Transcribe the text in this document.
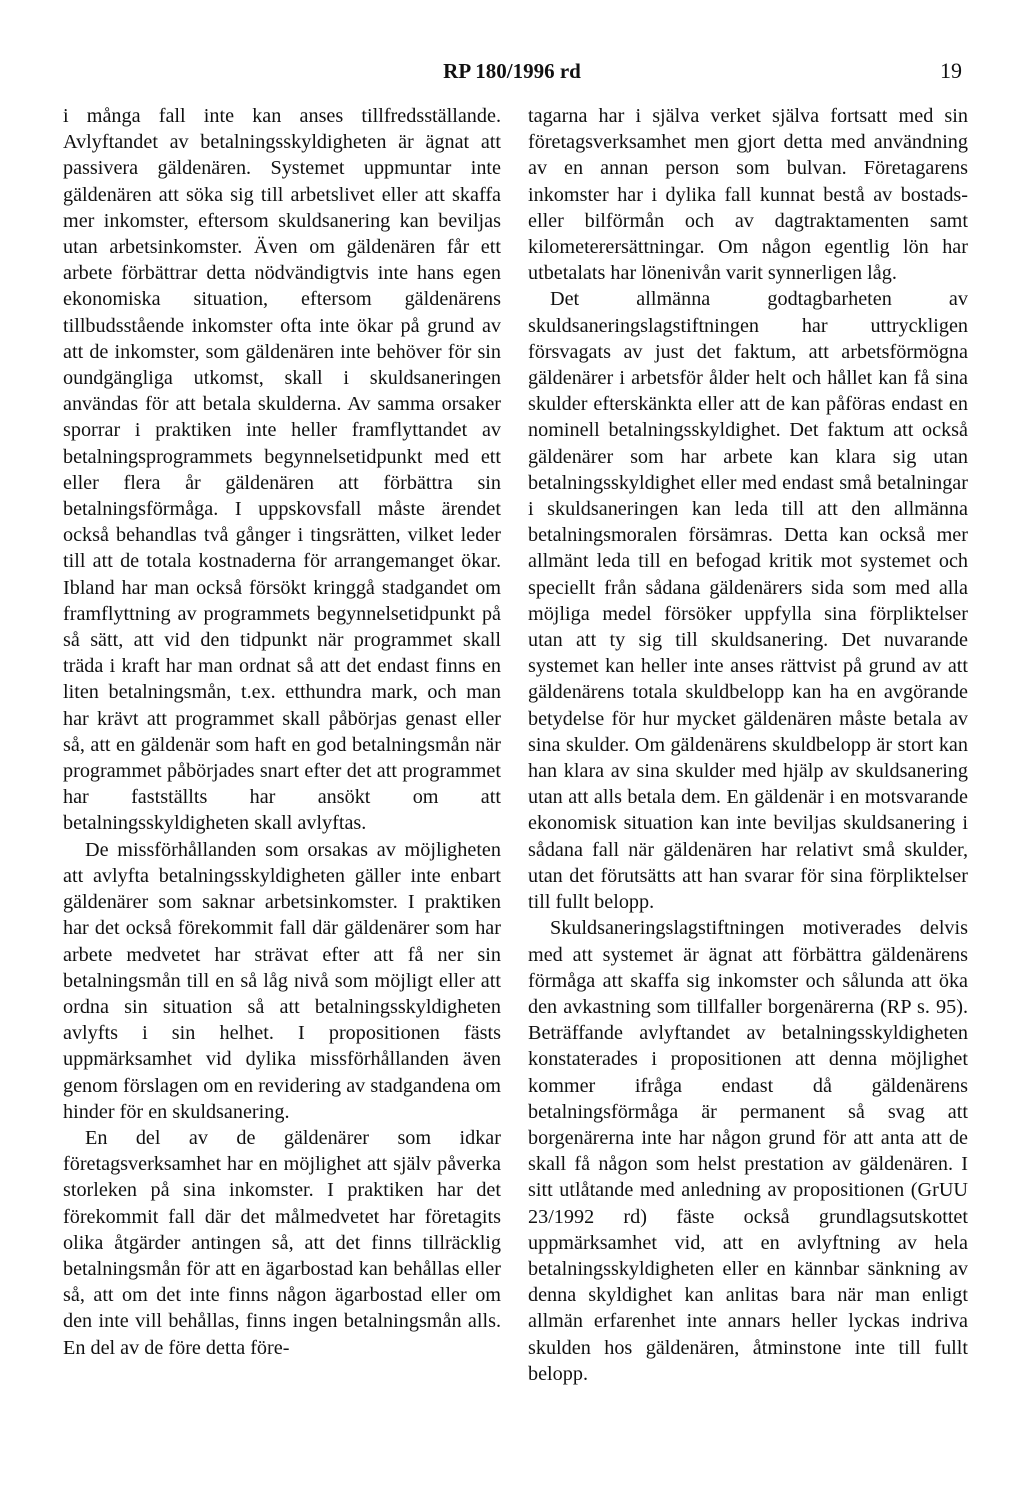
RP 180/1996 rd	19

i många fall inte kan anses tillfredsställande. Avlyftandet av betalningsskyldigheten är ägnat att passivera gäldenären. Systemet uppmuntar inte gäldenären att söka sig till arbetslivet eller att skaffa mer inkomster, eftersom skuldsanering kan beviljas utan arbetsinkomster. Även om gäldenären får ett arbete förbättrar detta nödvändigtvis inte hans egen ekonomiska situation, eftersom gäldenärens tillbudsstående inkomster ofta inte ökar på grund av att de inkomster, som gäldenären inte behöver för sin oundgängliga utkomst, skall i skuldsaneringen användas för att betala skulderna. Av samma orsaker sporrar i praktiken inte heller framflyttandet av betalningsprogrammets begynnelsetidpunkt med ett eller flera år gäldenären att förbättra sin betalningsförmåga. I uppskovsfall måste ärendet också behandlas två gånger i tingsrätten, vilket leder till att de totala kostnaderna för arrangemanget ökar. Ibland har man också försökt kringgå stadgandet om framflyttning av programmets begynnelsetidpunkt på så sätt, att vid den tidpunkt när programmet skall träda i kraft har man ordnat så att det endast finns en liten betalningsmån, t.ex. etthundra mark, och man har krävt att programmet skall påbörjas genast eller så, att en gäldenär som haft en god betalningsmån när programmet påbörjades snart efter det att programmet har fastställts har ansökt om att betalningsskyldigheten skall avlyftas.

De missförhållanden som orsakas av möjligheten att avlyfta betalningsskyldigheten gäller inte enbart gäldenärer som saknar arbetsinkomster. I praktiken har det också förekommit fall där gäldenärer som har arbete medvetet har strävat efter att få ner sin betalningsmån till en så låg nivå som möjligt eller att ordna sin situation så att betalningsskyldigheten avlyfts i sin helhet. I propositionen fästs uppmärksamhet vid dylika missförhållanden även genom förslagen om en revidering av stadgandena om hinder för en skuldsanering.

En del av de gäldenärer som idkar företagsverksamhet har en möjlighet att själv påverka storleken på sina inkomster. I praktiken har det förekommit fall där det målmedvetet har företagits olika åtgärder antingen så, att det finns tillräcklig betalningsmån för att en ägarbostad kan behållas eller så, att om det inte finns någon ägarbostad eller om den inte vill behållas, finns ingen betalningsmån alls. En del av de före detta före-

tagarna har i själva verket själva fortsatt med sin företagsverksamhet men gjort detta med användning av en annan person som bulvan. Företagarens inkomster har i dylika fall kunnat bestå av bostads- eller bilförmån och av dagtraktamenten samt kilometerersättningar. Om någon egentlig lön har utbetalats har lönenivån varit synnerligen låg.

Det allmänna godtagbarheten av skuldsaneringslagstiftningen har uttryckligen försvagats av just det faktum, att arbetsförmögna gäldenärer i arbetsför ålder helt och hållet kan få sina skulder efterskänkta eller att de kan påföras endast en nominell betalningsskyldighet. Det faktum att också gäldenärer som har arbete kan klara sig utan betalningsskyldighet eller med endast små betalningar i skuldsaneringen kan leda till att den allmänna betalningsmoralen försämras. Detta kan också mer allmänt leda till en befogad kritik mot systemet och speciellt från sådana gäldenärers sida som med alla möjliga medel försöker uppfylla sina förpliktelser utan att ty sig till skuldsanering. Det nuvarande systemet kan heller inte anses rättvist på grund av att gäldenärens totala skuldbelopp kan ha en avgörande betydelse för hur mycket gäldenären måste betala av sina skulder. Om gäldenärens skuldbelopp är stort kan han klara av sina skulder med hjälp av skuldsanering utan att alls betala dem. En gäldenär i en motsvarande ekonomisk situation kan inte beviljas skuldsanering i sådana fall när gäldenären har relativt små skulder, utan det förutsätts att han svarar för sina förpliktelser till fullt belopp.

Skuldsaneringslagstiftningen motiverades delvis med att systemet är ägnat att förbättra gäldenärens förmåga att skaffa sig inkomster och sålunda att öka den avkastning som tillfaller borgenärerna (RP s. 95). Beträffande avlyftandet av betalningsskyldigheten konstaterades i propositionen att denna möjlighet kommer ifråga endast då gäldenärens betalningsförmåga är permanent så svag att borgenärerna inte har någon grund för att anta att de skall få någon som helst prestation av gäldenären. I sitt utlåtande med anledning av propositionen (GrUU 23/1992 rd) fäste också grundlagsutskottet uppmärksamhet vid, att en avlyftning av hela betalningsskyldigheten eller en kännbar sänkning av denna skyldighet kan anlitas bara när man enligt allmän erfarenhet inte annars heller lyckas indriva skulden hos gäldenären, åtminstone inte till fullt belopp.
